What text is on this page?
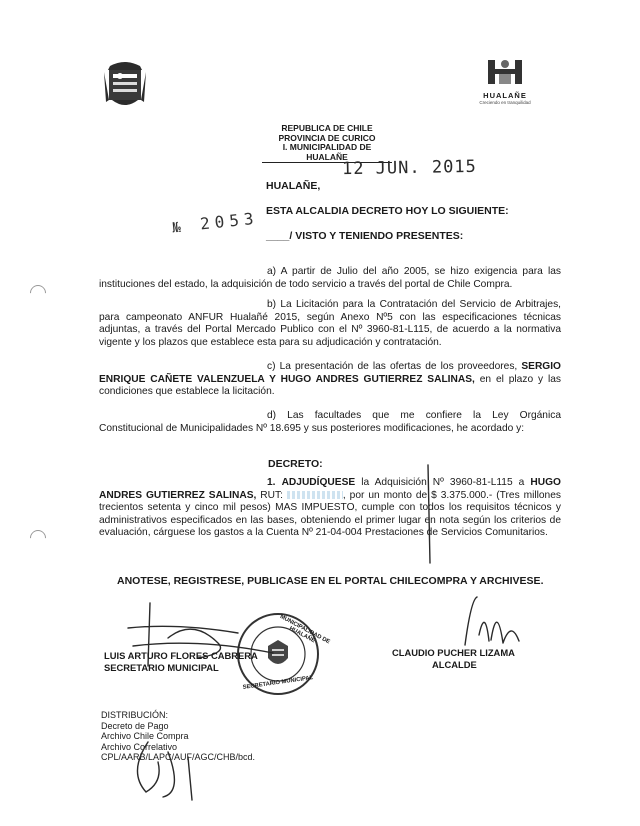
HUALAÑE
Creciendo en tranquilidad
REPUBLICA DE CHILE
PROVINCIA DE CURICO
I. MUNICIPALIDAD DE HUALAÑE
12 JUN. 2015
HUALAÑE,
№ 2053 ESTA ALCALDIA DECRETO HOY LO SIGUIENTE:
____/ VISTO Y TENIENDO PRESENTES:
a) A partir de Julio del año 2005, se hizo exigencia para las instituciones del estado, la adquisición de todo servicio a través del portal de Chile Compra.
b) La Licitación para la Contratación del Servicio de Arbitrajes, para campeonato ANFUR Hualañé 2015, según Anexo Nº5 con las especificaciones técnicas adjuntas, a través del Portal Mercado Publico con el Nº 3960-81-L115, de acuerdo a la normativa vigente y los plazos que establece esta para su adjudicación y contratación.
c) La presentación de las ofertas de los proveedores, SERGIO ENRIQUE CAÑETE VALENZUELA Y HUGO ANDRES GUTIERREZ SALINAS, en el plazo y las condiciones que establece la licitación.
d) Las facultades que me confiere la Ley Orgánica Constitucional de Municipalidades Nº 18.695 y sus posteriores modificaciones, he acordado y:
DECRETO:
1. ADJUDÍQUESE la Adquisición Nº 3960-81-L115 a HUGO ANDRES GUTIERREZ SALINAS, RUT:	, por un monto de $ 3.375.000.- (Tres millones trecientos setenta y cinco mil pesos) MAS IMPUESTO, cumple con todos los requisitos técnicos y administrativos especificados en las bases, obteniendo el primer lugar en nota según los criterios de evaluación, cárguese los gastos a la Cuenta Nº 21-04-004 Prestaciones de Servicios Comunitarios.
ANOTESE, REGISTRESE, PUBLICASE EN EL PORTAL CHILECOMPRA Y ARCHIVESE.
MUNICIPALIDAD DE HUALAÑE
SECRETARIO MUNICIPAL
LUIS ARTURO FLORES CABRERA
SECRETARIO MUNICIPAL
CLAUDIO PUCHER LIZAMA
ALCALDE
DISTRIBUCIÓN:
Decreto de Pago
Archivo Chile Compra
Archivo Correlativo
CPL/AARB/LAPC/AUF/AGC/CHB/bcd.
